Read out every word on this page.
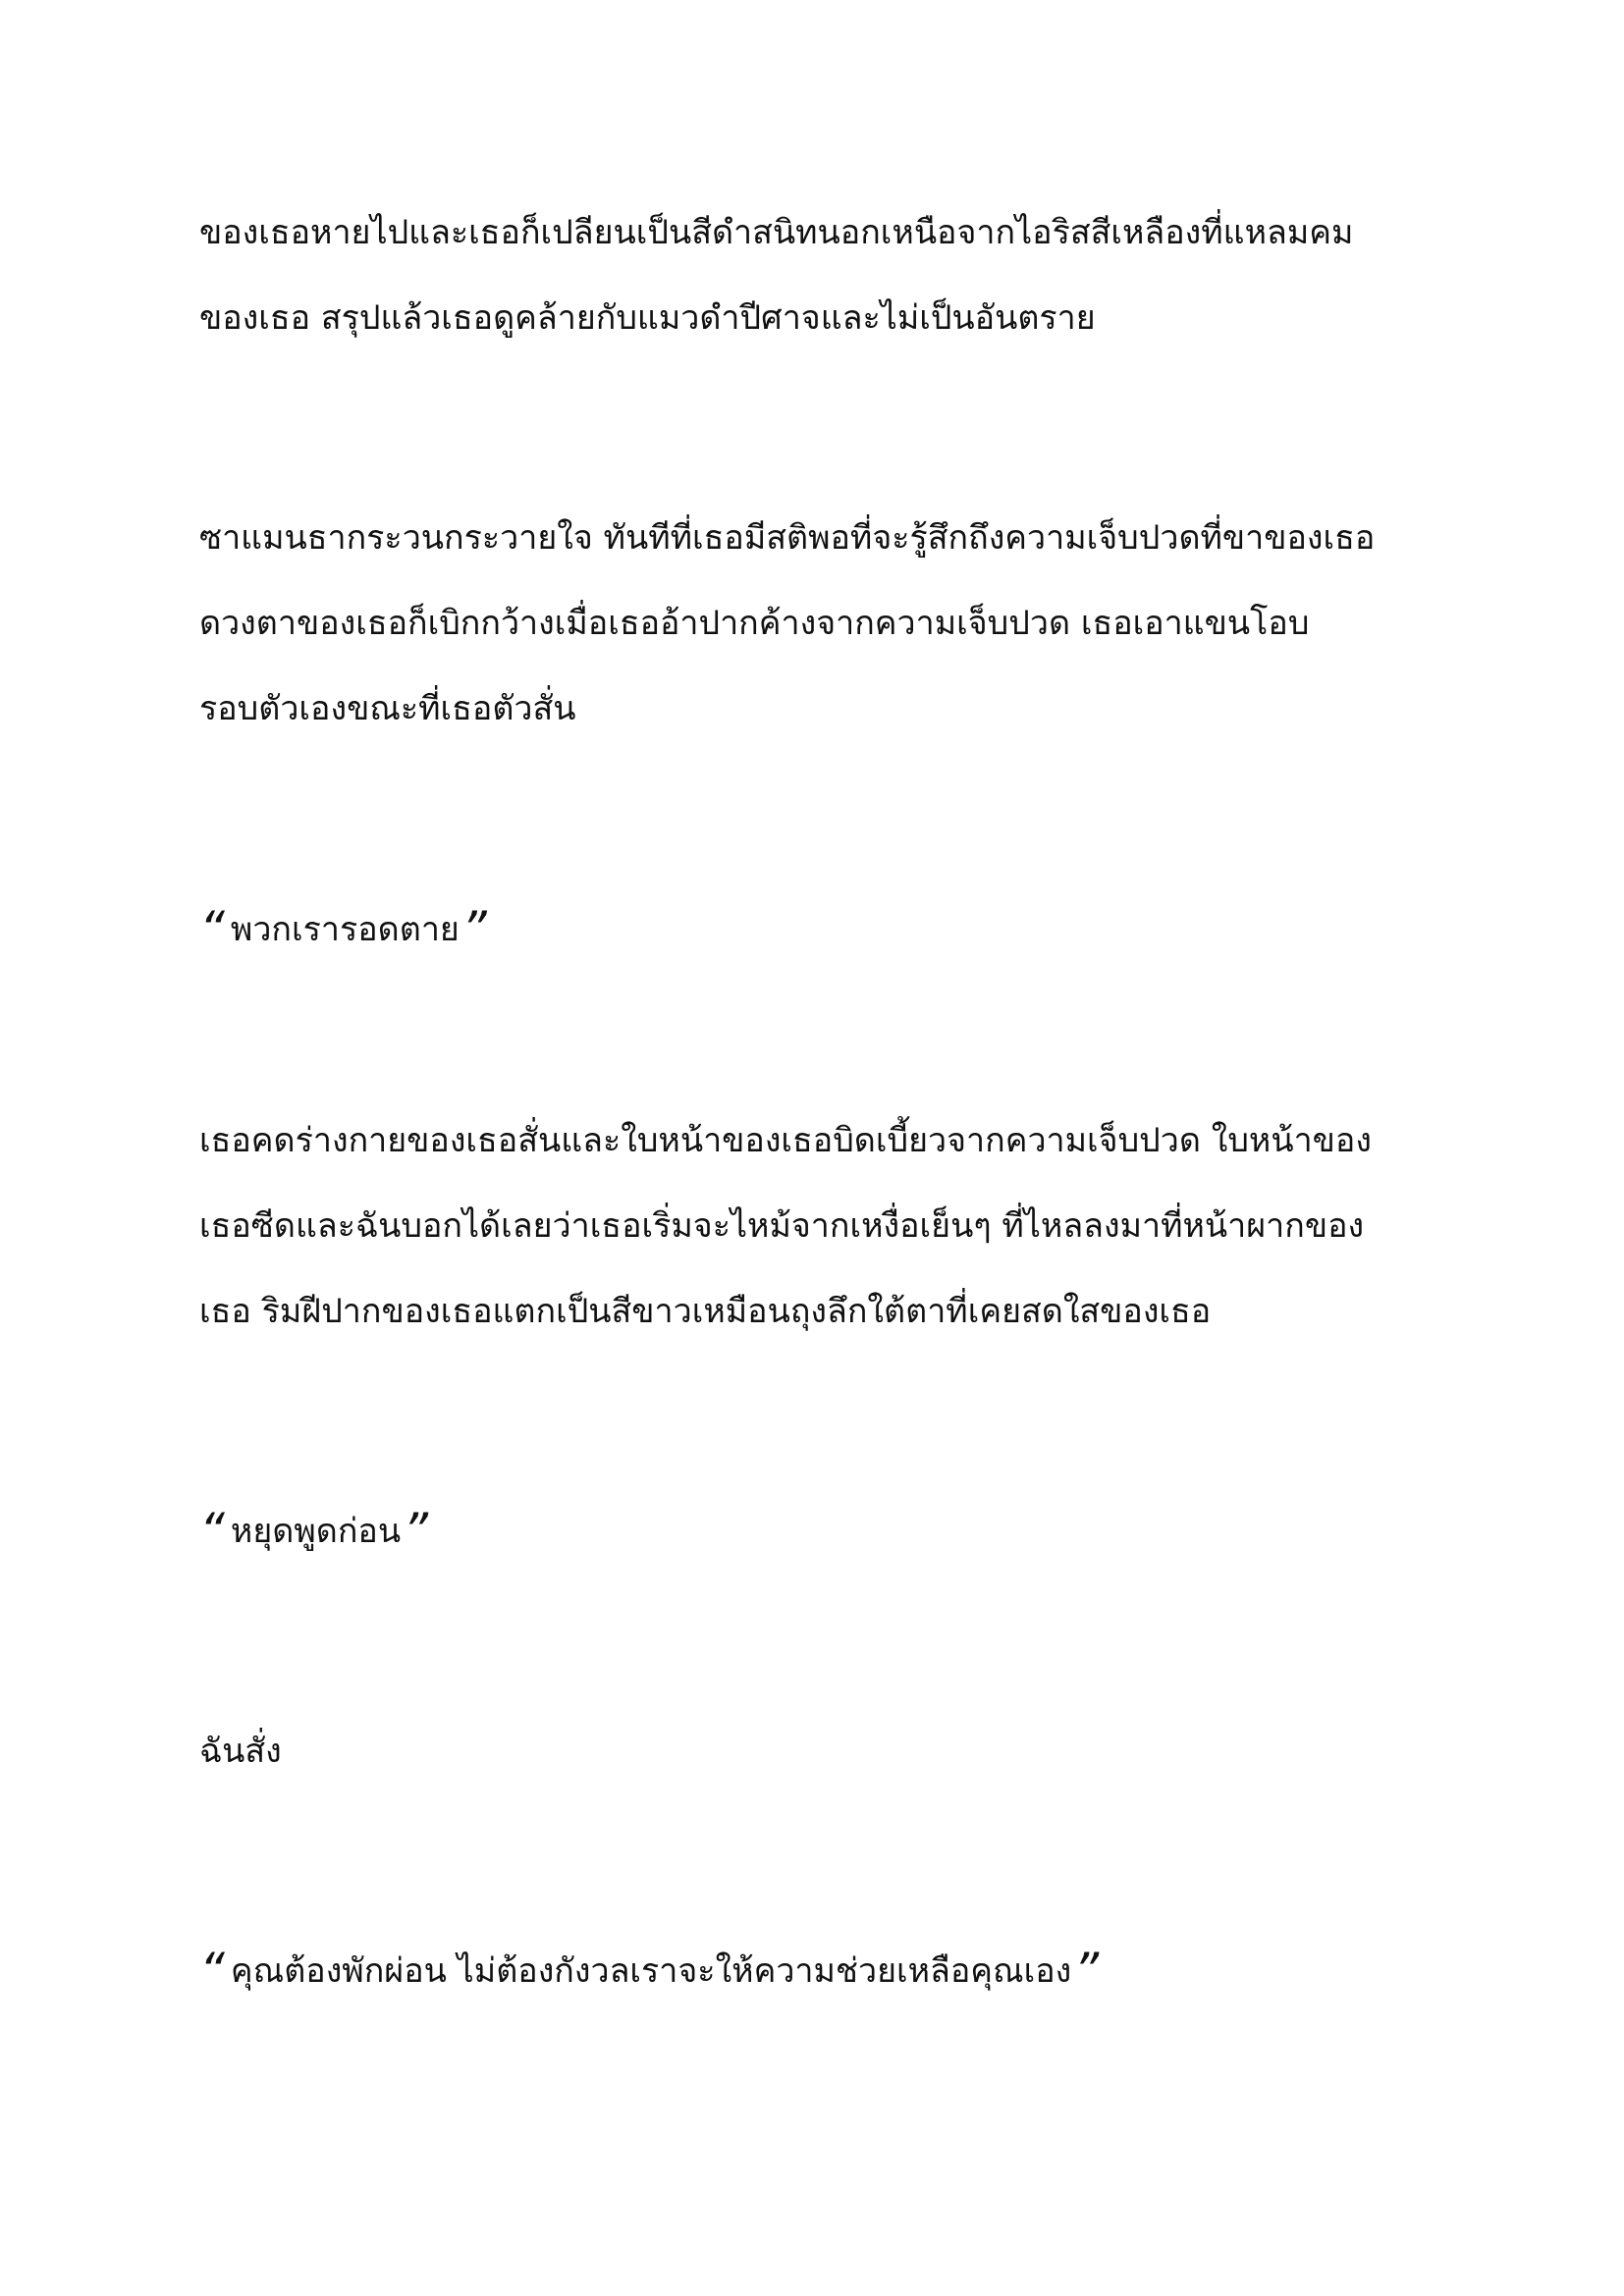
ของเธอหายไปและเธอก็เปลียนเป็นสีดำสนิทนอกเหนือจากไอริสสีเหลืองที่แหลมคม
ของเธอ สรุปแล้วเธอดูคล้ายกับแมวดำปีศาจและไม่เป็นอันตราย
ซาแมนธากระวนกระวายใจ ทันทีที่เธอมีสติพอที่จะรู้สึกถึงความเจ็บปวดที่ขาของเธอ
ดวงตาของเธอก็เบิกกว้างเมื่อเธออ้าปากค้างจากความเจ็บปวด เธอเอาแขนโอบ
รอบตัวเองขณะที่เธอตัวสั่น
“ พวกเรารอดตาย”
เธอคดร่างกายของเธอสั่นและใบหน้าของเธอบิดเบี้ยวจากความเจ็บปวด ใบหน้าของ
เธอซีดและฉันบอกได้เลยว่าเธอเริ่มจะไหม้จากเหงื่อเย็นๆ ที่ไหลลงมาที่หน้าผากของ
เธอ ริมฝีปากของเธอแตกเป็นสีขาวเหมือนถุงลึกใต้ตาที่เคยสดใสของเธอ
“ หยุดพูดก่อน”
ฉันสั่ง
“ คุณต้องพักผ่อน ไม่ต้องกังวลเราจะให้ความช่วยเหลือคุณเอง”
